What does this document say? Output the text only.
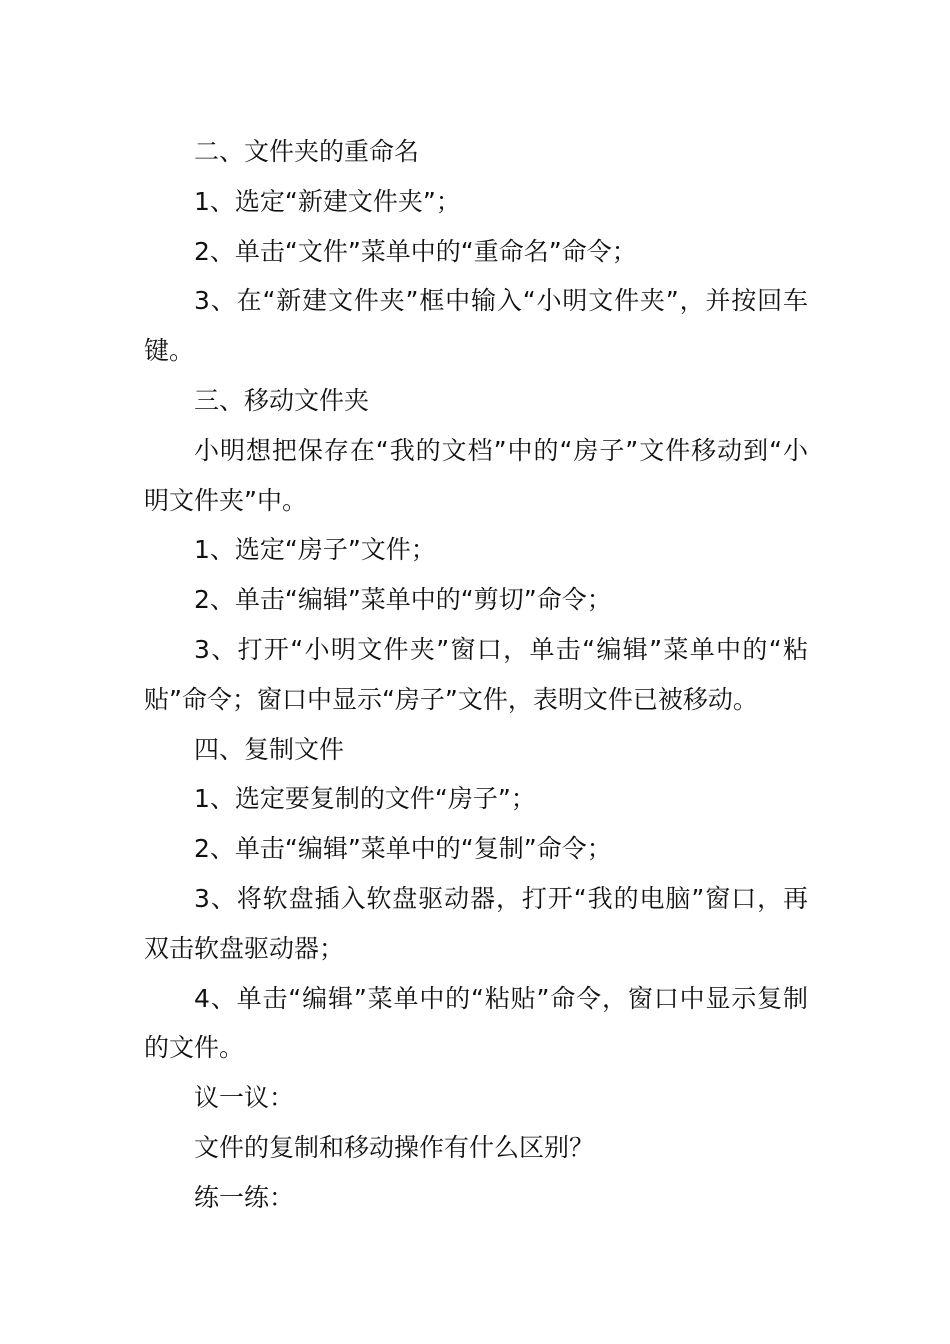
二、文件夹的重命名

1、选定“新建文件夹”；

2、单击“文件”菜单中的“重命名”命令；

3、在“新建文件夹”框中输入“小明文件夹”，并按回车键。

三、移动文件夹

小明想把保存在“我的文档”中的“房子”文件移动到“小明文件夹”中。

1、选定“房子”文件；

2、单击“编辑”菜单中的“剪切”命令；

3、打开“小明文件夹”窗口，单击“编辑”菜单中的“粘贴”命令；窗口中显示“房子”文件，表明文件已被移动。

四、复制文件

1、选定要复制的文件“房子”；

2、单击“编辑”菜单中的“复制”命令；

3、将软盘插入软盘驱动器，打开“我的电脑”窗口，再双击软盘驱动器；

4、单击“编辑”菜单中的“粘贴”命令，窗口中显示复制的文件。

议一议：

文件的复制和移动操作有什么区别？

练一练：
